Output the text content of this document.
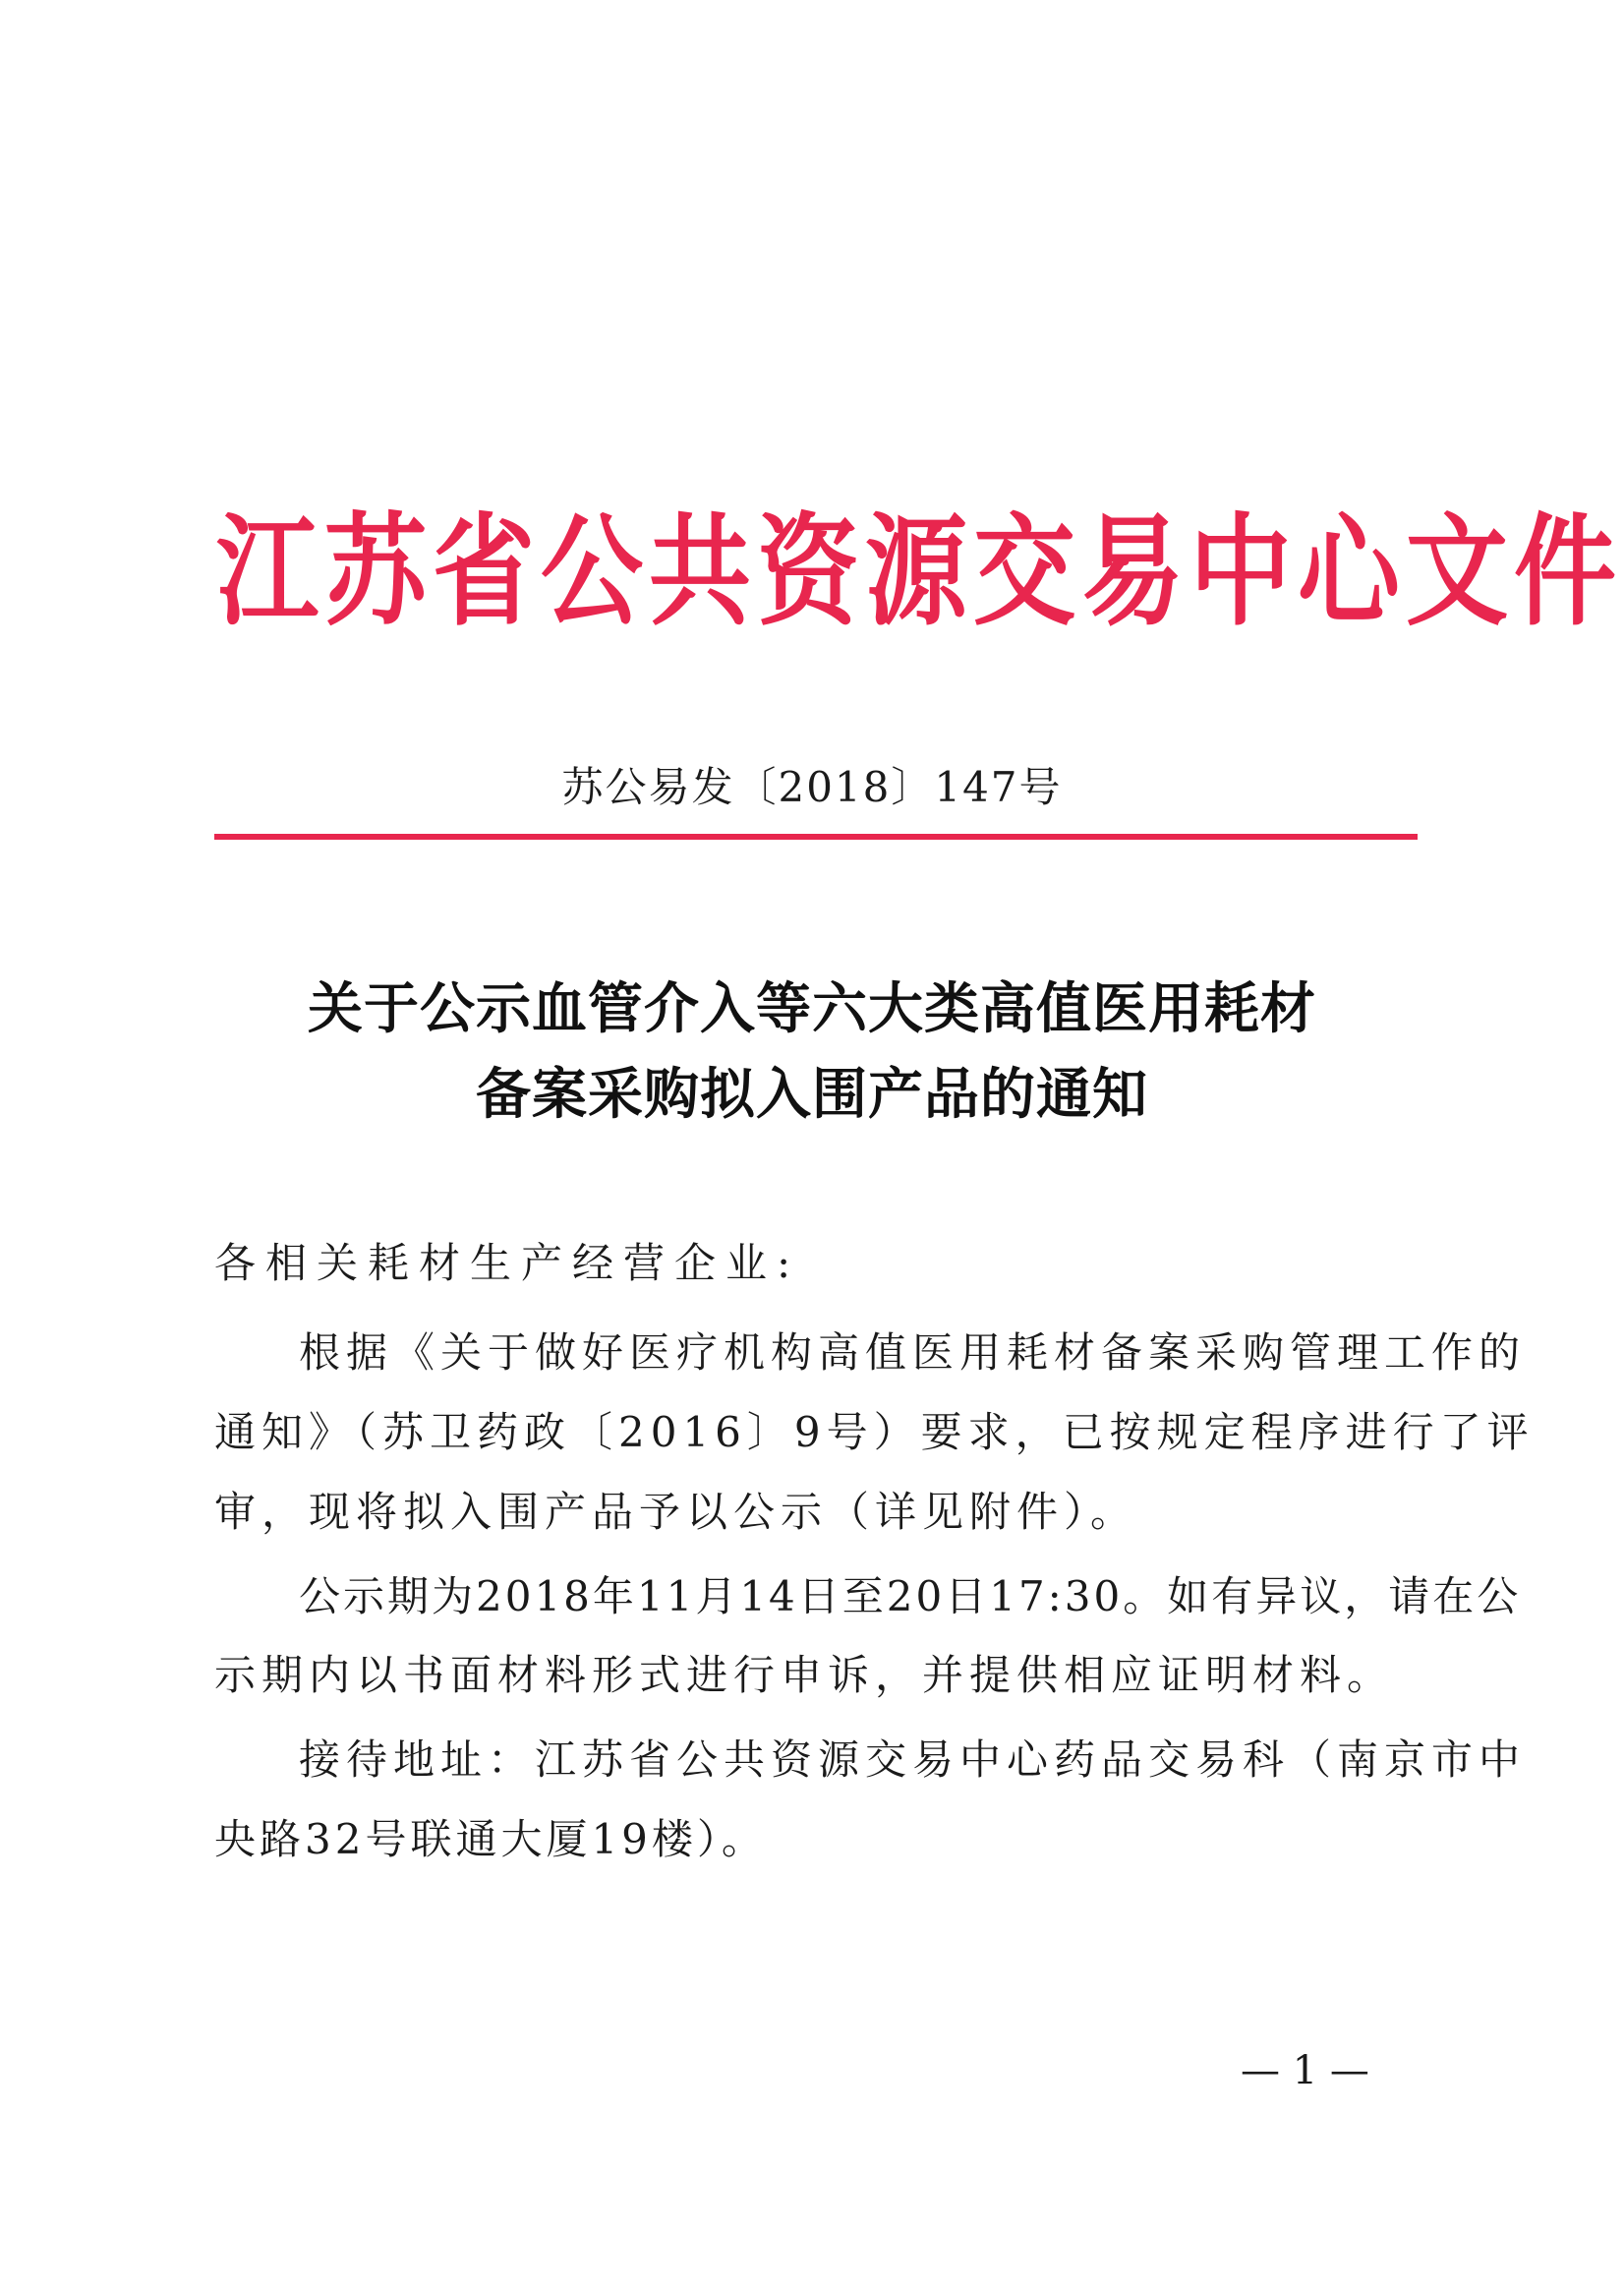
江苏省公共资源交易中心文件
苏公易发〔2018〕147号
关于公示血管介入等六大类高值医用耗材
备案采购拟入围产品的通知
各相关耗材生产经营企业:
根据《关于做好医疗机构高值医用耗材备案采购管理工作的
通知》（苏卫药政〔2016〕9号）要求，已按规定程序进行了评
审，现将拟入围产品予以公示（详见附件）。
公示期为2018年11月14日至20日17:30。如有异议，请在公
示期内以书面材料形式进行申诉，并提供相应证明材料。
接待地址：江苏省公共资源交易中心药品交易科（南京市中
央路32号联通大厦19楼）。
— 1 —
